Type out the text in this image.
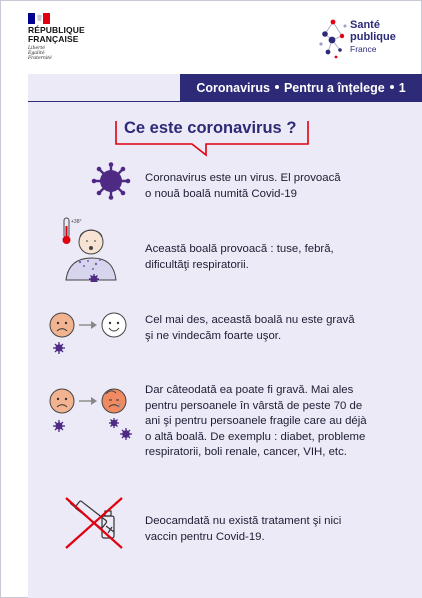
RÉPUBLIQUE
FRANÇAISE
Liberté
Égalité
Fraternité
Santé
publique
France
Coronavirus Pentru a înțelege 1
Ce este coronavirus ?
Coronavirus este un virus. El provoacă
o nouă boală numită Covid-19
+38°
Această boală provoacă : tuse, febră,
dificultăţi respiratorii.
Cel mai des, această boală nu este gravă
şi ne vindecăm foarte uşor.
Dar câteodată ea poate fi gravă. Mai ales
pentru persoanele în vârstă de peste 70 de
ani şi pentru persoanele fragile care au déjà
o altă boală. De exemplu : diabet, probleme
respiratorii, boli renale, cancer, VIH, etc.
Deocamdată nu există tratament şi nici
vaccin pentru Covid-19.
